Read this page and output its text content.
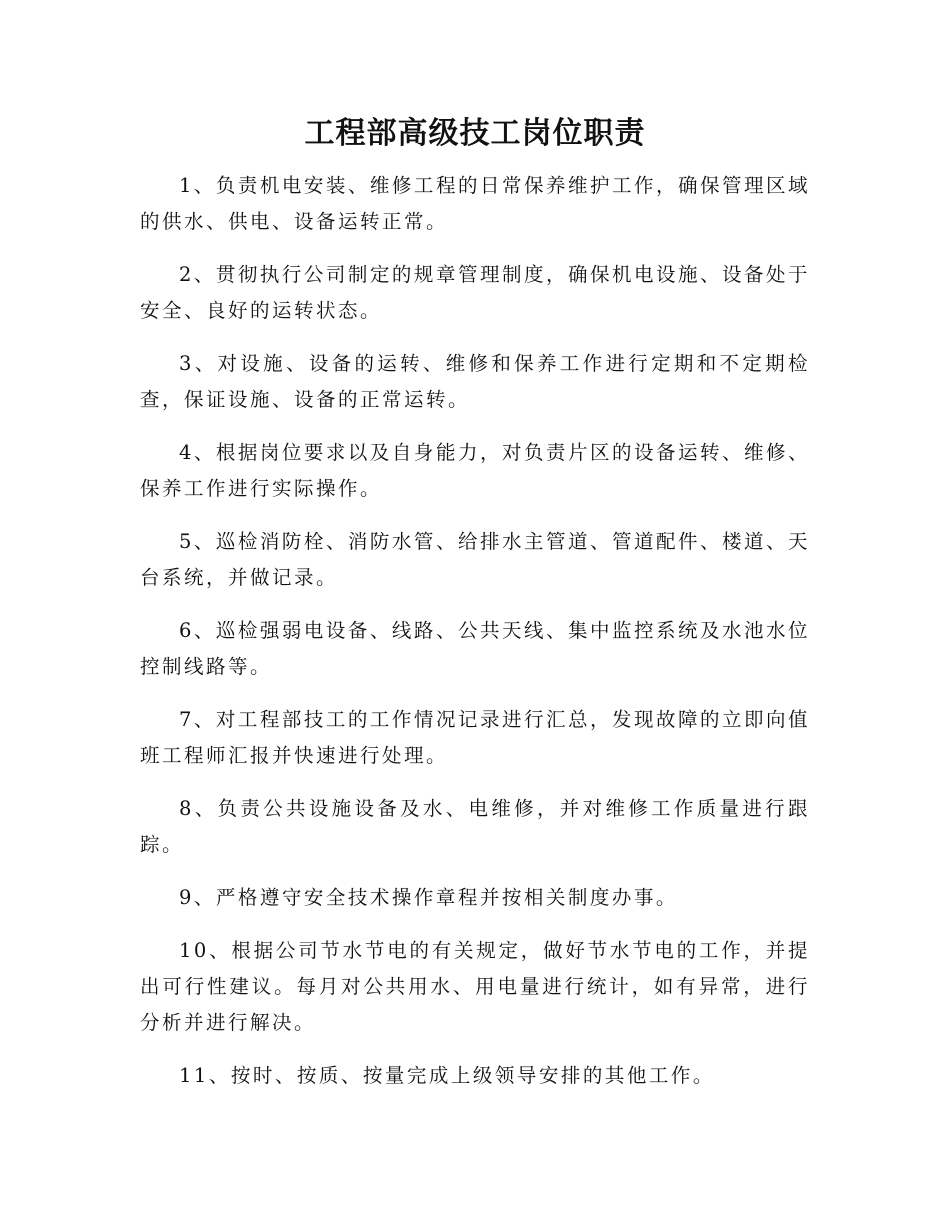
工程部高级技工岗位职责

1、负责机电安装、维修工程的日常保养维护工作，确保管理区域的供水、供电、设备运转正常。

2、贯彻执行公司制定的规章管理制度，确保机电设施、设备处于安全、良好的运转状态。

3、对设施、设备的运转、维修和保养工作进行定期和不定期检查，保证设施、设备的正常运转。

4、根据岗位要求以及自身能力，对负责片区的设备运转、维修、保养工作进行实际操作。

5、巡检消防栓、消防水管、给排水主管道、管道配件、楼道、天台系统，并做记录。

6、巡检强弱电设备、线路、公共天线、集中监控系统及水池水位控制线路等。

7、对工程部技工的工作情况记录进行汇总，发现故障的立即向值班工程师汇报并快速进行处理。

8、负责公共设施设备及水、电维修，并对维修工作质量进行跟踪。

9、严格遵守安全技术操作章程并按相关制度办事。

10、根据公司节水节电的有关规定，做好节水节电的工作，并提出可行性建议。每月对公共用水、用电量进行统计，如有异常，进行分析并进行解决。

11、按时、按质、按量完成上级领导安排的其他工作。
